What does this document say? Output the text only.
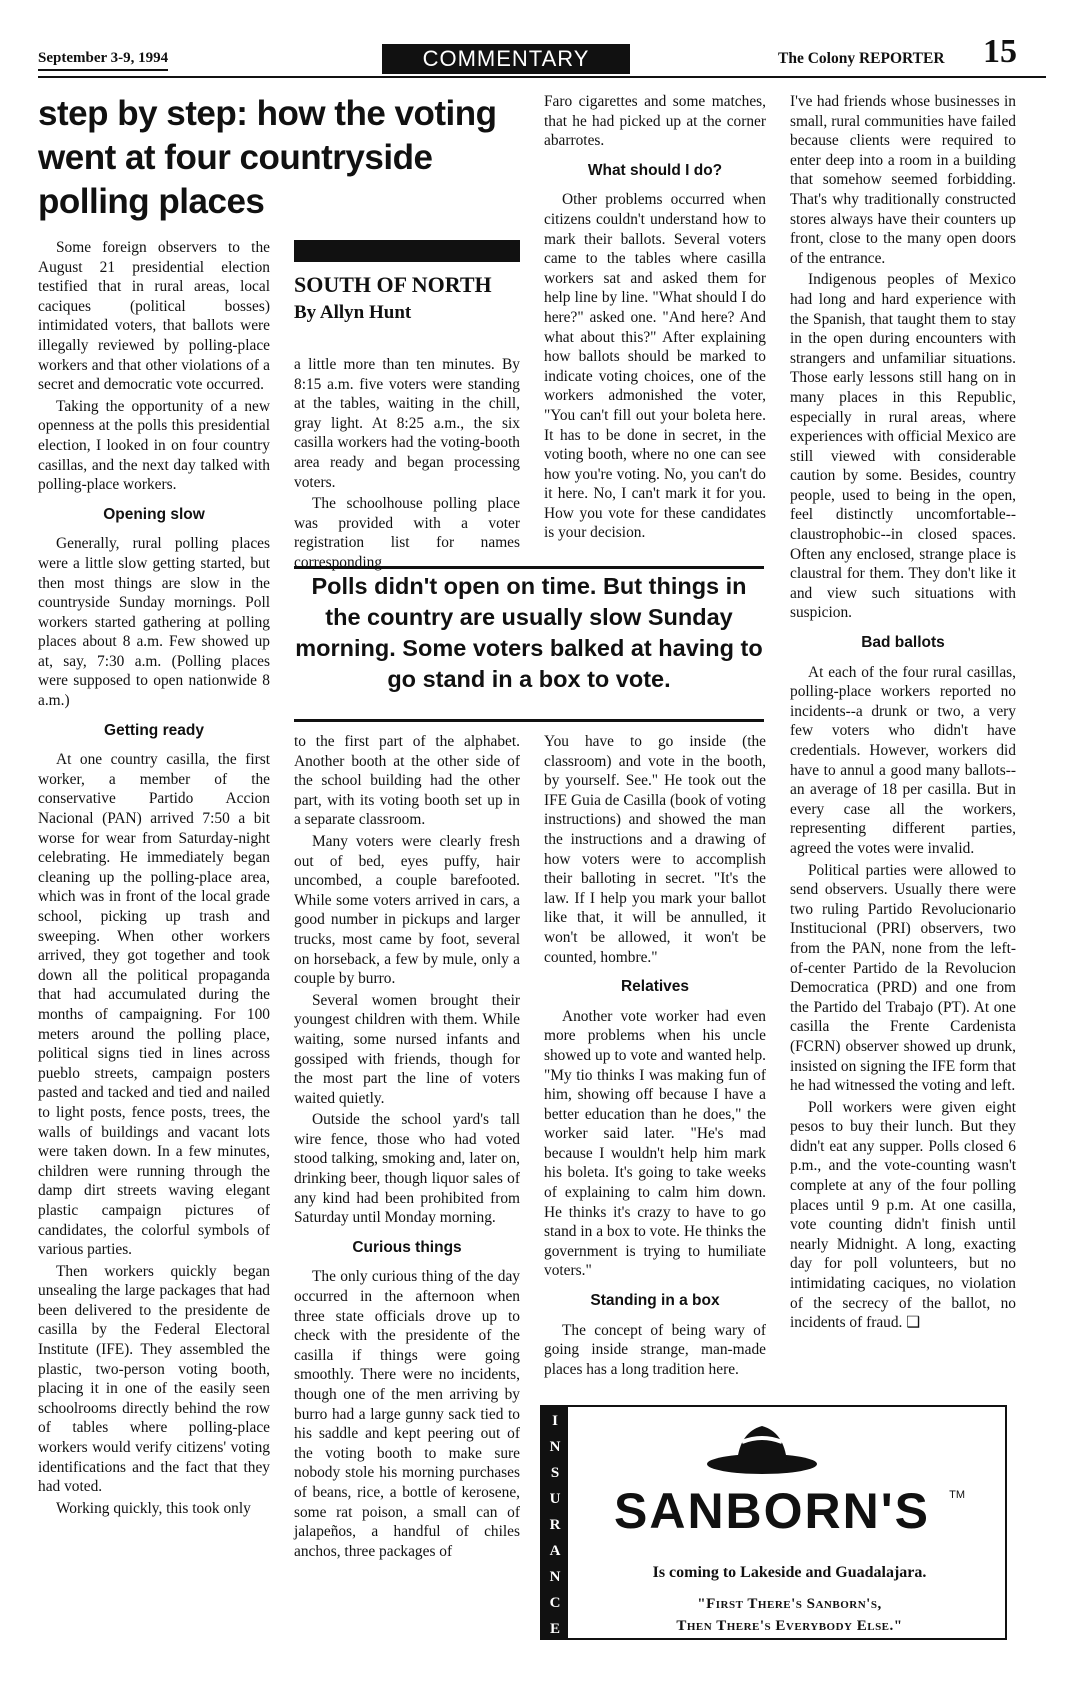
September 3-9, 1994	COMMENTARY	The Colony REPORTER 15
step by step: how the voting went at four countryside polling places
SOUTH OF NORTH
By Allyn Hunt

Some foreign observers to the August 21 presidential election testified that in rural areas, local caciques (political bosses) intimidated voters, that ballots were illegally reviewed by polling-place workers and that other violations of a secret and democratic vote occurred.

Taking the opportunity of a new openness at the polls this presidential election, I looked in on four country casillas, and the next day talked with polling-place workers.

Opening slow

Generally, rural polling places were a little slow getting started, but then most things are slow in the countryside Sunday mornings. Poll workers started gathering at polling places about 8 a.m. Few showed up at, say, 7:30 a.m. (Polling places were supposed to open nationwide 8 a.m.)

Getting ready

At one country casilla, the first worker, a member of the conservative Partido Accion Nacional (PAN) arrived 7:50 a bit worse for wear from Saturday-night celebrating. He immediately began cleaning up the polling-place area, which was in front of the local grade school, picking up trash and sweeping. When other workers arrived, they got together and took down all the political propaganda that had accumulated during the months of campaigning. For 100 meters around the polling place, political signs tied in lines across pueblo streets, campaign posters pasted and tacked and tied and nailed to light posts, fence posts, trees, the walls of buildings and vacant lots were taken down. In a few minutes, children were running through the damp dirt streets waving elegant plastic campaign pictures of candidates, the colorful symbols of various parties.

Then workers quickly began unsealing the large packages that had been delivered to the presidente de casilla by the Federal Electoral Institute (IFE). They assembled the plastic, two-person voting booth, placing it in one of the easily seen schoolrooms directly behind the row of tables where polling-place workers would verify citizens' voting identifications and the fact that they had voted.

Working quickly, this took only

a little more than ten minutes. By 8:15 a.m. five voters were standing at the tables, waiting in the chill, gray light. At 8:25 a.m., the six casilla workers had the voting-booth area ready and began processing voters.

The schoolhouse polling place was provided with a voter registration list for names corresponding

Faro cigarettes and some matches, that he had picked up at the corner abarrotes.

What should I do?

Other problems occurred when citizens couldn't understand how to mark their ballots. Several voters came to the tables where casilla workers sat and asked them for help line by line. "What should I do here?" asked one. "And here? And what about this?" After explaining how ballots should be marked to indicate voting choices, one of the workers admonished the voter, "You can't fill out your boleta here. It has to be done in secret, in the voting booth, where no one can see how you're voting. No, you can't do it here. No, I can't mark it for you. How you vote for these candidates is your decision.

Polls didn't open on time. But things in the country are usually slow Sunday morning. Some voters balked at having to go stand in a box to vote.

to the first part of the alphabet. Another booth at the other side of the school building had the other part, with its voting booth set up in a separate classroom.

Many voters were clearly fresh out of bed, eyes puffy, hair uncombed, a couple barefooted. While some voters arrived in cars, a good number in pickups and larger trucks, most came by foot, several on horseback, a few by mule, only a couple by burro.

Several women brought their youngest children with them. While waiting, some nursed infants and gossiped with friends, though for the most part the line of voters waited quietly.

Outside the school yard's tall wire fence, those who had voted stood talking, smoking and, later on, drinking beer, though liquor sales of any kind had been prohibited from Saturday until Monday morning.

Curious things

The only curious thing of the day occurred in the afternoon when three state officials drove up to check with the presidente of the casilla if things were going smoothly. There were no incidents, though one of the men arriving by burro had a large gunny sack tied to his saddle and kept peering out of the voting booth to make sure nobody stole his morning purchases of beans, rice, a bottle of kerosene, some rat poison, a small can of jalapeños, a handful of chiles anchos, three packages of

You have to go inside (the classroom) and vote in the booth, by yourself. See." He took out the IFE Guia de Casilla (book of voting instructions) and showed the man the instructions and a drawing of how voters were to accomplish their balloting in secret. "It's the law. If I help you mark your ballot like that, it will be annulled, it won't be allowed, it won't be counted, hombre."

Relatives

Another vote worker had even more problems when his uncle showed up to vote and wanted help. "My tio thinks I was making fun of him, showing off because I have a better education than he does," the worker said later. "He's mad because I wouldn't help him mark his boleta. It's going to take weeks of explaining to calm him down. He thinks it's crazy to have to go stand in a box to vote. He thinks the government is trying to humiliate voters."

Standing in a box

The concept of being wary of going inside strange, man-made places has a long tradition here.

I've had friends whose businesses in small, rural communities have failed because clients were required to enter deep into a room in a building that somehow seemed forbidding. That's why traditionally constructed stores always have their counters up front, close to the many open doors of the entrance.

Indigenous peoples of Mexico had long and hard experience with the Spanish, that taught them to stay in the open during encounters with strangers and unfamiliar situations. Those early lessons still hang on in many places in this Republic, especially in rural areas, where experiences with official Mexico are still viewed with considerable caution by some. Besides, country people, used to being in the open, feel distinctly uncomfortable--claustrophobic--in closed spaces. Often any enclosed, strange place is claustral for them. They don't like it and view such situations with suspicion.

Bad ballots

At each of the four rural casillas, polling-place workers reported no incidents--a drunk or two, a very few voters who didn't have credentials. However, workers did have to annul a good many ballots--an average of 18 per casilla. But in every case all the workers, representing different parties, agreed the votes were invalid.

Political parties were allowed to send observers. Usually there were two ruling Partido Revolucionario Institucional (PRI) observers, two from the PAN, none from the left-of-center Partido de la Revolucion Democratica (PRD) and one from the Partido del Trabajo (PT). At one casilla the Frente Cardenista (FCRN) observer showed up drunk, insisted on signing the IFE form that he had witnessed the voting and left.

Poll workers were given eight pesos to buy their lunch. But they didn't eat any supper. Polls closed 6 p.m., and the vote-counting wasn't complete at any of the four polling places until 9 p.m. At one casilla, vote counting didn't finish until nearly Midnight. A long, exacting day for poll volunteers, but no intimidating caciques, no violation of the secrecy of the ballot, no incidents of fraud. ❑

I
N
S
U
R
A
N
C
E
SANBORN'S	TM
Is coming to Lakeside and Guadalajara.
"First There's Sanborn's,
Then There's Everybody Else."
